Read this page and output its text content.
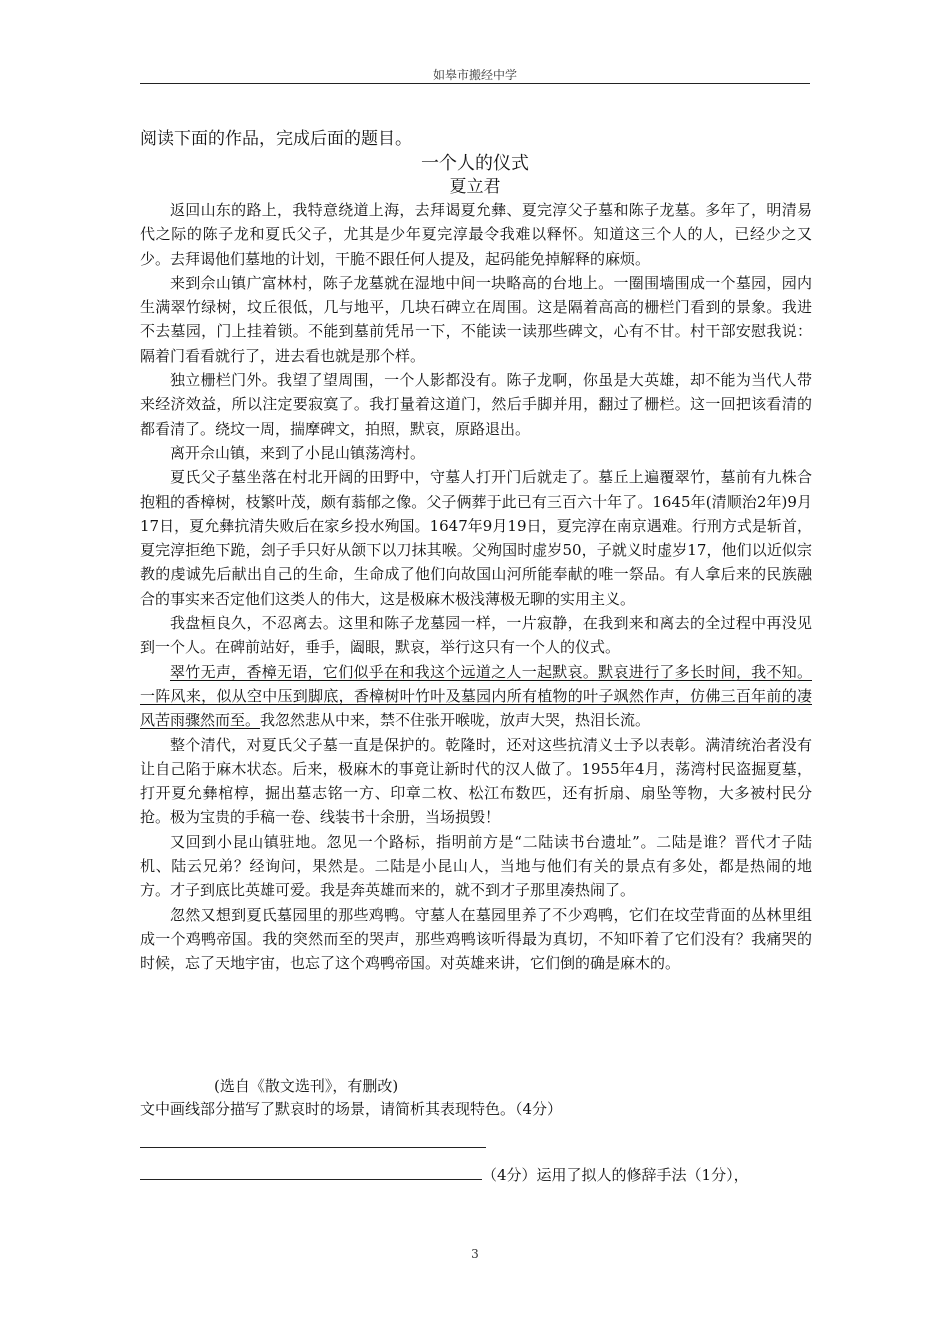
如皋市搬经中学
阅读下面的作品，完成后面的题目。
一个人的仪式
夏立君

返回山东的路上，我特意绕道上海，去拜谒夏允彝、夏完淳父子墓和陈子龙墓。多年了，明清易代之际的陈子龙和夏氏父子，尤其是少年夏完淳最令我难以释怀。知道这三个人的人，已经少之又少。去拜谒他们墓地的计划，干脆不跟任何人提及，起码能免掉解释的麻烦。

来到佘山镇广富林村，陈子龙墓就在湿地中间一块略高的台地上。一圈围墙围成一个墓园，园内生满翠竹绿树，坟丘很低，几与地平，几块石碑立在周围。这是隔着高高的栅栏门看到的景象。我进不去墓园，门上挂着锁。不能到墓前凭吊一下，不能读一读那些碑文，心有不甘。村干部安慰我说：隔着门看看就行了，进去看也就是那个样。

独立栅栏门外。我望了望周围，一个人影都没有。陈子龙啊，你虽是大英雄，却不能为当代人带来经济效益，所以注定要寂寞了。我打量着这道门，然后手脚并用，翻过了栅栏。这一回把该看清的都看清了。绕坟一周，揣摩碑文，拍照，默哀，原路退出。

离开佘山镇，来到了小昆山镇荡湾村。

夏氏父子墓坐落在村北开阔的田野中，守墓人打开门后就走了。墓丘上遍覆翠竹，墓前有九株合抱粗的香樟树，枝繁叶茂，颇有蓊郁之像。父子俩葬于此已有三百六十年了。1645年(清顺治2年)9月17日，夏允彝抗清失败后在家乡投水殉国。1647年9月19日，夏完淳在南京遇难。行刑方式是斩首，夏完淳拒绝下跪，刽子手只好从颌下以刀抹其喉。父殉国时虚岁50，子就义时虚岁17，他们以近似宗教的虔诚先后献出自己的生命，生命成了他们向故国山河所能奉献的唯一祭品。有人拿后来的民族融合的事实来否定他们这类人的伟大，这是极麻木极浅薄极无聊的实用主义。

我盘桓良久，不忍离去。这里和陈子龙墓园一样，一片寂静，在我到来和离去的全过程中再没见到一个人。在碑前站好，垂手，阖眼，默哀，举行这只有一个人的仪式。

翠竹无声，香樟无语，它们似乎在和我这个远道之人一起默哀。默哀进行了多长时间，我不知。一阵风来，似从空中压到脚底，香樟树叶竹叶及墓园内所有植物的叶子飒然作声，仿佛三百年前的凄风苦雨骤然而至。我忽然悲从中来，禁不住张开喉咙，放声大哭，热泪长流。

整个清代，对夏氏父子墓一直是保护的。乾隆时，还对这些抗清义士予以表彰。满清统治者没有让自己陷于麻木状态。后来，极麻木的事竟让新时代的汉人做了。1955年4月，荡湾村民盗掘夏墓，打开夏允彝棺椁，掘出墓志铭一方、印章二枚、松江布数匹，还有折扇、扇坠等物，大多被村民分抢。极为宝贵的手稿一卷、线装书十余册，当场损毁！

又回到小昆山镇驻地。忽见一个路标，指明前方是“二陆读书台遗址”。二陆是谁？晋代才子陆机、陆云兄弟？经询问，果然是。二陆是小昆山人，当地与他们有关的景点有多处，都是热闹的地方。才子到底比英雄可爱。我是奔英雄而来的，就不到才子那里凑热闹了。

忽然又想到夏氏墓园里的那些鸡鸭。守墓人在墓园里养了不少鸡鸭，它们在坟茔背面的丛林里组成一个鸡鸭帝国。我的突然而至的哭声，那些鸡鸭该听得最为真切，不知吓着了它们没有？我痛哭的时候，忘了天地宇宙，也忘了这个鸡鸭帝国。对英雄来讲，它们倒的确是麻木的。

(选自《散文选刊》，有删改)
文中画线部分描写了默哀时的场景，请简析其表现特色。（4分）
（4分）运用了拟人的修辞手法（1分），
3
